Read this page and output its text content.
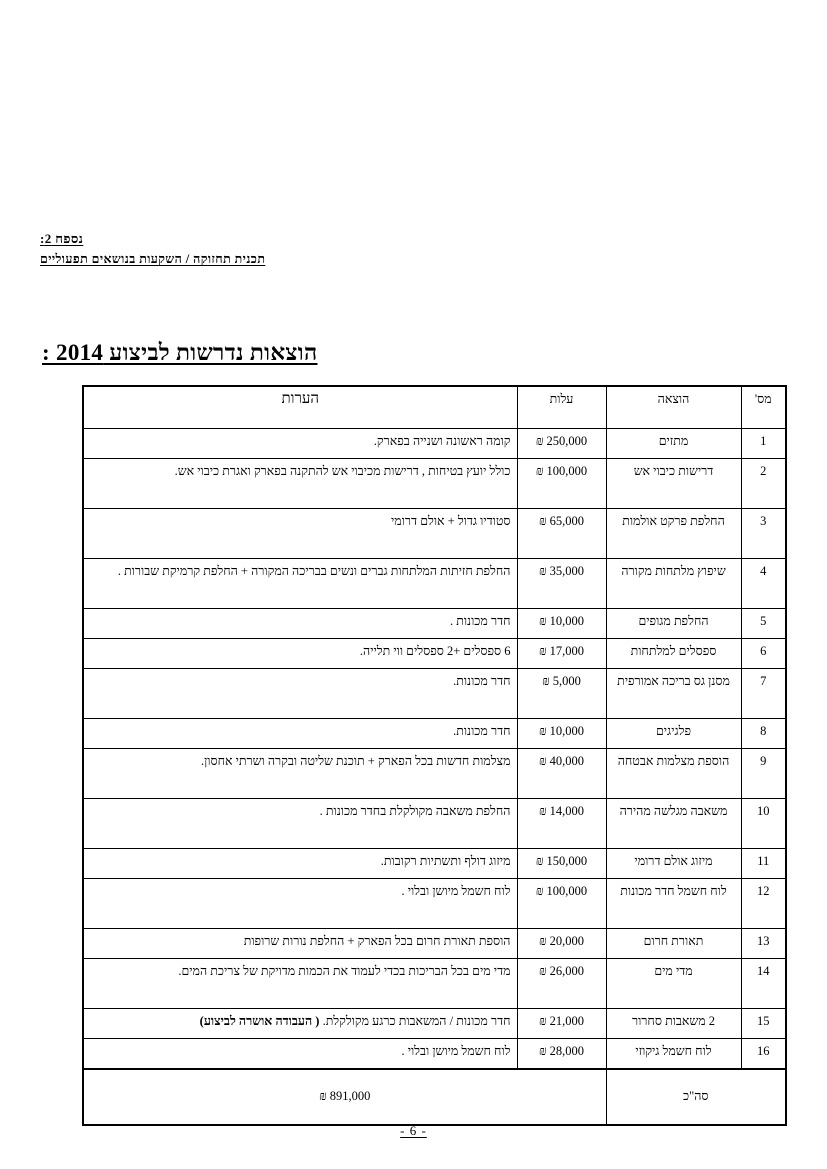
נספח 2:
תכנית תחזוקה / השקעות בנושאים תפעוליים
הוצאות נדרשות לביצוע 2014 :
מס'	הוצאה	עלות	הערות
1	מתזים	250,000 ₪	קומה ראשונה ושנייה בפארק.
2	דרישות כיבוי אש	100,000 ₪	כולל יועץ בטיחות , דרישות מכיבוי אש להתקנה בפארק ואגרת כיבוי אש.
3	החלפת פרקט אולמות	65,000 ₪	סטודיו גדול + אולם דרומי
4	שיפוץ מלתחות מקורה	35,000 ₪	החלפת חזיתות המלתחות גברים ונשים בבריכה המקורה + החלפת קרמיקת שבורות .
5	החלפת מגופים	10,000 ₪	חדר מכונות .
6	ספסלים למלתחות	17,000 ₪	6 ספסלים +2 ספסלים ווי תלייה.
7	מסנן גס בריכה אמורפית	5,000 ₪	חדר מכונות.
8	פלגיגים	10,000 ₪	חדר מכונות.
9	הוספת מצלמות אבטחה	40,000 ₪	מצלמות חדשות בכל הפארק + תוכנת שליטה ובקרה ושרתי אחסון.
10	משאבה מגלשה מהירה	14,000 ₪	החלפת משאבה מקולקלת בחדר מכונות .
11	מיזוג אולם דרומי	150,000 ₪	מיזוג דולף ותשתיות רקובות.
12	לוח חשמל חדר מכונות	100,000 ₪	לוח חשמל מיושן ובלוי .
13	תאורת חרום	20,000 ₪	הוספת תאורת חרום בכל הפארק + החלפת נורות שרופות
14	מדי מים	26,000 ₪	מדי מים בכל הבריכות בכדי לעמוד את הכמות מדויקת של צריכת המים.
15	2 משאבות סחרור	21,000 ₪	חדר מכונות / המשאבות כרגע מקולקלת. ( העבודה אושרה לביצוע)
16	לוח חשמל גיקוזי	28,000 ₪	לוח חשמל מיושן ובלוי .
סה"כ		891,000 ₪	
- 6 -
